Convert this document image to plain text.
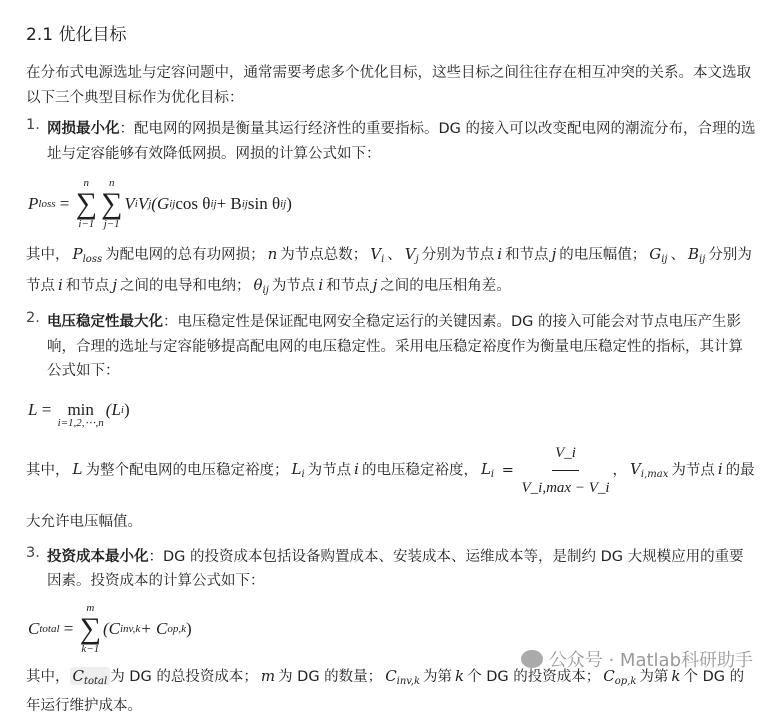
2.1 优化目标

在分布式电源选址与定容问题中，通常需要考虑多个优化目标，这些目标之间往往存在相互冲突的关系。本文选取以下三个典型目标作为优化目标：

1. 网损最小化：配电网的网损是衡量其运行经济性的重要指标。DG 的接入可以改变配电网的潮流分布，合理的选址与定容能够有效降低网损。网损的计算公式如下：

P loss
=

n
∑
i−1
n
∑
j−1
V i V j (G ij cos θ ij + B ij sin θ ij )

其中， $P_{loss}$ 为配电网的总有功网损； n 为节点总数； $V_i$ 、 $V_j$ 分别为节点 i 和节点 j 的电压幅值； $G_{ij}$ 、 $B_{ij}$ 分别为节点 i 和节点 j 之间的电导和电纳； $\theta_{ij}$ 为节点 i 和节点 j 之间的电压相角差。

2. 电压稳定性最大化：电压稳定性是保证配电网安全稳定运行的关键因素。DG 的接入可能会对节点电压产生影响，合理的选址与定容能够提高配电网的电压稳定性。采用电压稳定裕度作为衡量电压稳定性的指标，其计算公式如下：

L
=
min
i=1,2,⋯,n
(L i )

其中， L 为整个配电网的电压稳定裕度； $L_i$ 为节点 i 的电压稳定裕度， $L_i = \frac{V\_i}{V\_i,\max - V\_i}$ ， $V_{i,max}$ 为节点 i 的最大允许电压幅值。

3. 投资成本最小化：DG 的投资成本包括设备购置成本、安装成本、运维成本等，是制约 DG 大规模应用的重要因素。投资成本的计算公式如下：

C total
=

m
∑
k−1
(C inv,k + C op,k )

其中， $C_{total}$ 为 DG 的总投资成本； m 为 DG 的数量； $C_{inv,k}$ 为第 k 个 DG 的投资成本； $C_{op,k}$ 为第 k 个 DG 的年运行维护成本。

公众号 · Matlab科研助手
